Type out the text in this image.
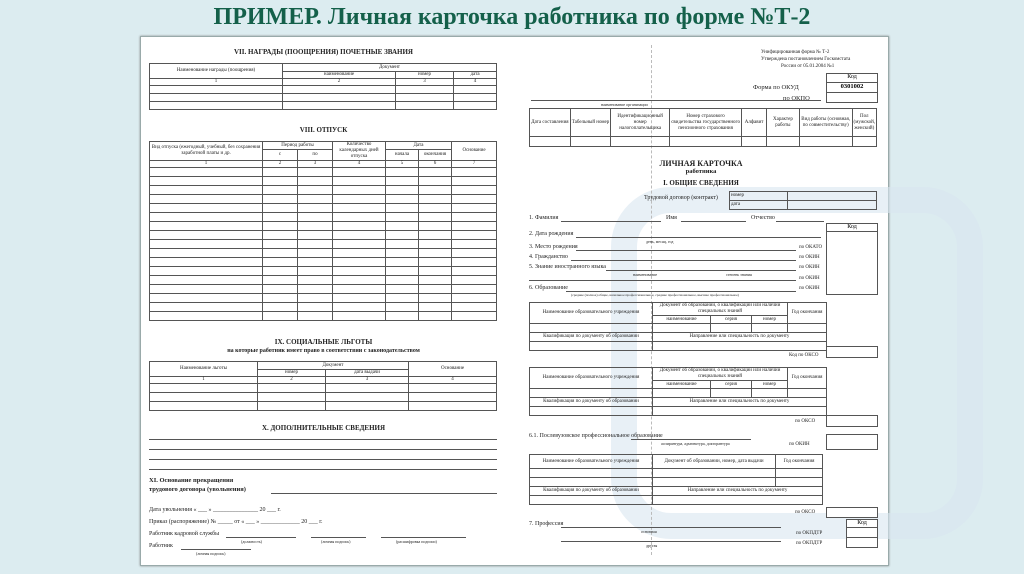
ПРИМЕР. Личная карточка работника по форме №Т-2
VII. НАГРАДЫ (ПООЩРЕНИЯ) ПОЧЕТНЫЕ ЗВАНИЯ
Наименование награды (поощрения)	Документ		
	наименование	номер	дата
1	2	3	4

VIII. ОТПУСК
Вид отпуска (ежегодный, учебный, без сохранения заработной платы и др.	Период работы		Количество календарных дней отпуска	Дата		Основание
	с	по		начала	окончания	
1	2	3	4	5	6	7

IX. СОЦИАЛЬНЫЕ ЛЬГОТЫ
на которые работник имеет право в соответствии с законодательством
Наименование льготы	Документ		Основание
	номер	дата выдачи	
1	2	3	4

X. ДОПОЛНИТЕЛЬНЫЕ СВЕДЕНИЯ
XI. Основание прекращения
трудового договора (увольнения)
Дата увольнения « ___ » _______________ 20 ___ г.
Приказ (распоряжение) № _____ от « ___ » _____________ 20 ___ г.
Работник кадровой службы
(должность)	(личная подпись)	(расшифровка подписи)
Работник
(личная подпись)
Унифицированная форма № Т-2
Утверждена постановлением Госкомстата
России от 05.01.2004 №1
Код
Форма по ОКУД	0301002
по ОКПО
наименование организации
Дата составления	Табельный номер	Идентификационный номер налогоплательщика	Номер страхового свидетельства государственного пенсионного страхования	Алфавит	Характер работы	Вид работы (основная, по совместительству)	Пол (мужской, женский)

ЛИЧНАЯ КАРТОЧКА
работника
I. ОБЩИЕ СВЕДЕНИЯ
Трудовой договор (контракт)	номер	
дата	
Код
1. Фамилия	Имя	Отчество
2. Дата рождения
день, месяц, год
3. Место рождения	по ОКАТО
4. Гражданство	по ОКИН
5. Знание иностранного языка	по ОКИН
наименование	степень знания
по ОКИН
6. Образование	по ОКИН
(среднее (полное) общее, начальное профессиональное, среднее профессиональное, высшее профессиональное)
Наименование образовательного учреждения	Документ об образовании, о квалификации или наличии специальных знаний			Год окончания
	наименование	серия	номер	

Квалификация по документу об образовании	Направление или специальность по документу			

Код по ОКСО
Наименование образовательного учреждения	Документ об образовании, о квалификации или наличии специальных знаний			Год окончания
	наименование	серия	номер	

Квалификация по документу об образовании	Направление или специальность по документу			

по ОКСО
6.1. Послевузовское профессиональное образование
аспирантура, адъюнктура, докторантура	по ОКИН
Наименование образовательного учреждения	Документ об образовании, номер, дата выдачи	Год окончания

Квалификация по документу об образовании	Направление или специальность по документу	

по ОКСО
Код
7. Профессия
основная	по ОКПДТР
другая	по ОКПДТР
